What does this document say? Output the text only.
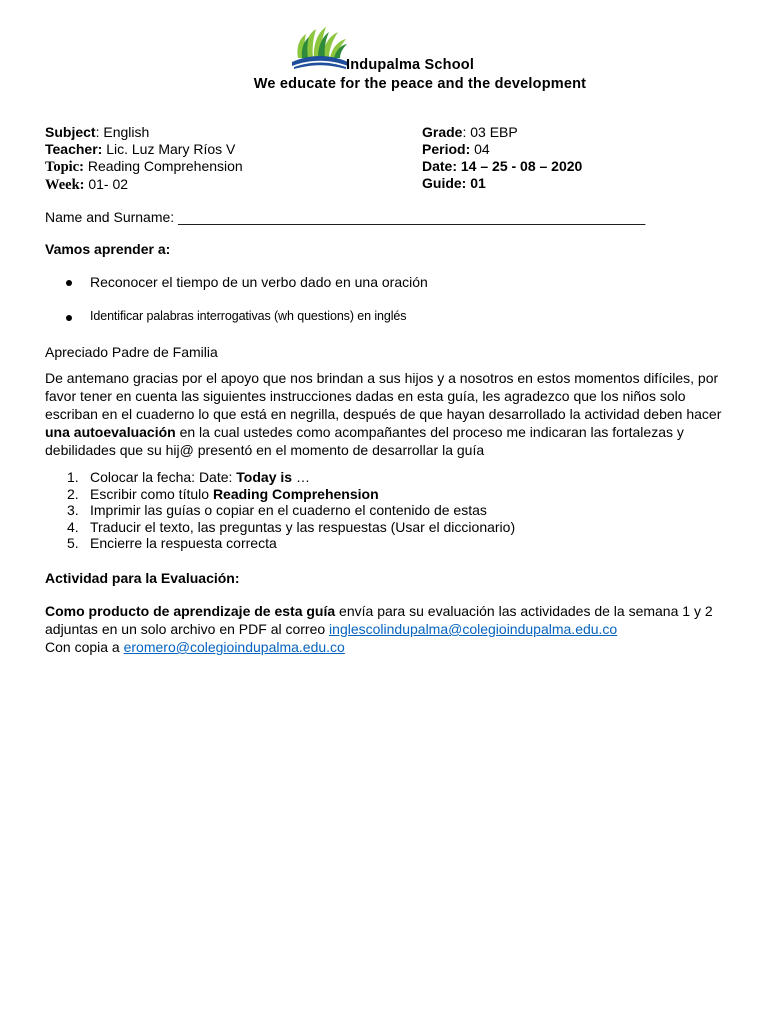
Indupalma School
We educate for the peace and the development
Subject: English
Teacher: Lic. Luz Mary Ríos V
Topic: Reading Comprehension
Week: 01- 02
Grade: 03 EBP
Period: 04
Date: 14 – 25 - 08 – 2020
Guide: 01
Name and Surname: ____________________________________________________________
Vamos aprender a:
Reconocer el tiempo de un verbo dado en una oración
Identificar palabras interrogativas (wh questions) en inglés
Apreciado Padre de Familia
De antemano gracias por el apoyo que nos brindan a sus hijos y a nosotros en estos momentos difíciles, por favor tener en cuenta las siguientes instrucciones dadas en esta guía, les agradezco que los niños solo escriban en el cuaderno lo que está en negrilla, después de que hayan desarrollado la actividad deben hacer una autoevaluación en la cual ustedes como acompañantes del proceso me indicaran las fortalezas y debilidades que su hij@ presentó en el momento de desarrollar la guía
1. Colocar la fecha: Date: Today is …
2. Escribir como título Reading Comprehension
3. Imprimir las guías o copiar en el cuaderno el contenido de estas
4. Traducir el texto, las preguntas y las respuestas (Usar el diccionario)
5. Encierre la respuesta correcta
Actividad para la Evaluación:
Como producto de aprendizaje de esta guía envía para su evaluación las actividades de la semana 1 y 2 adjuntas en un solo archivo en PDF al correo inglescolindupalma@colegioindupalma.edu.co
Con copia a eromero@colegioindupalma.edu.co
